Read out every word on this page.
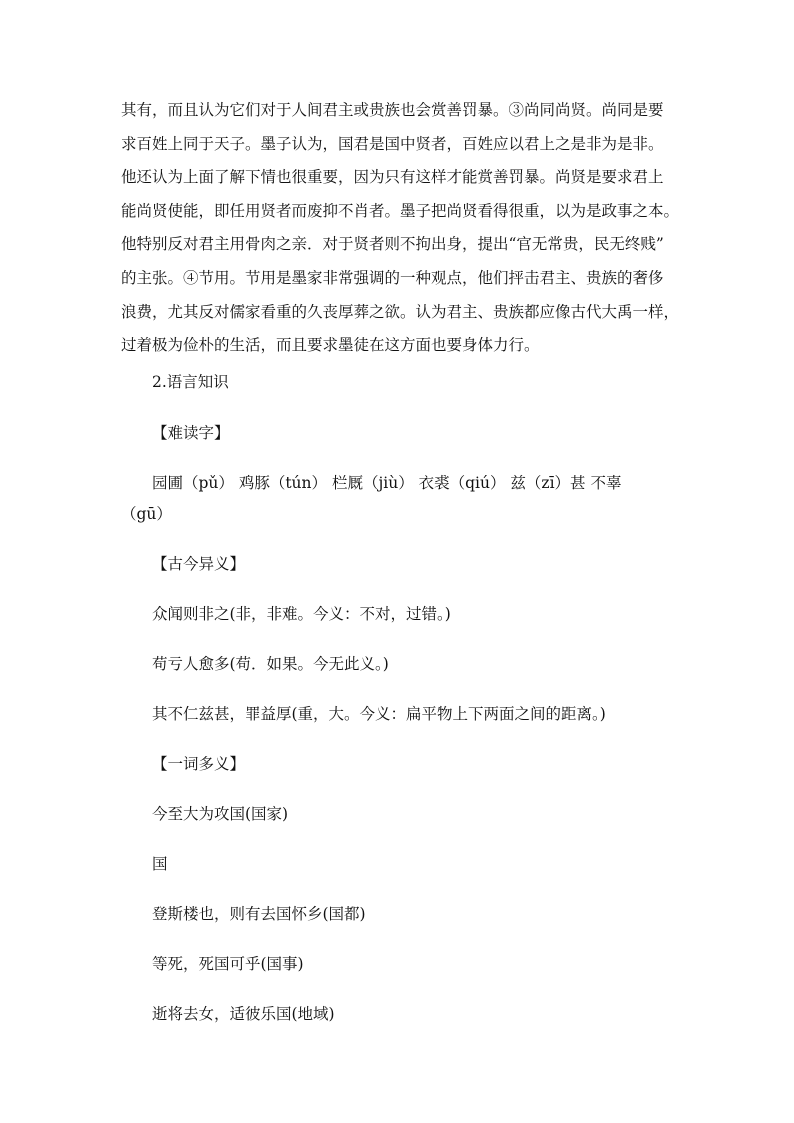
其有，而且认为它们对于人间君主或贵族也会赏善罚暴。③尚同尚贤。尚同是要
求百姓上同于天子。墨子认为，国君是国中贤者，百姓应以君上之是非为是非。
他还认为上面了解下情也很重要，因为只有这样才能赏善罚暴。尚贤是要求君上
能尚贤使能，即任用贤者而废抑不肖者。墨子把尚贤看得很重，以为是政事之本。
他特别反对君主用骨肉之亲．对于贤者则不拘出身，提出“官无常贵，民无终贱”
的主张。④节用。节用是墨家非常强调的一种观点，他们抨击君主、贵族的奢侈
浪费，尤其反对儒家看重的久丧厚葬之欲。认为君主、贵族都应像古代大禹一样，
过着极为俭朴的生活，而且要求墨徒在这方面也要身体力行。
2.语言知识
【难读字】
园圃（pǔ） 鸡豚（tún） 栏厩（jiù） 衣裘（qiú） 兹（zī）甚 不辜
（gū）
【古今异义】
众闻则非之(非，非难。今义：不对，过错。)
苟亏人愈多(苟．如果。今无此义。)
其不仁兹甚，罪益厚(重，大。今义：扁平物上下两面之间的距离。)
【一词多义】
今至大为攻国(国家)
国
登斯楼也，则有去国怀乡(国都)
等死，死国可乎(国事)
逝将去女，适彼乐国(地域)
